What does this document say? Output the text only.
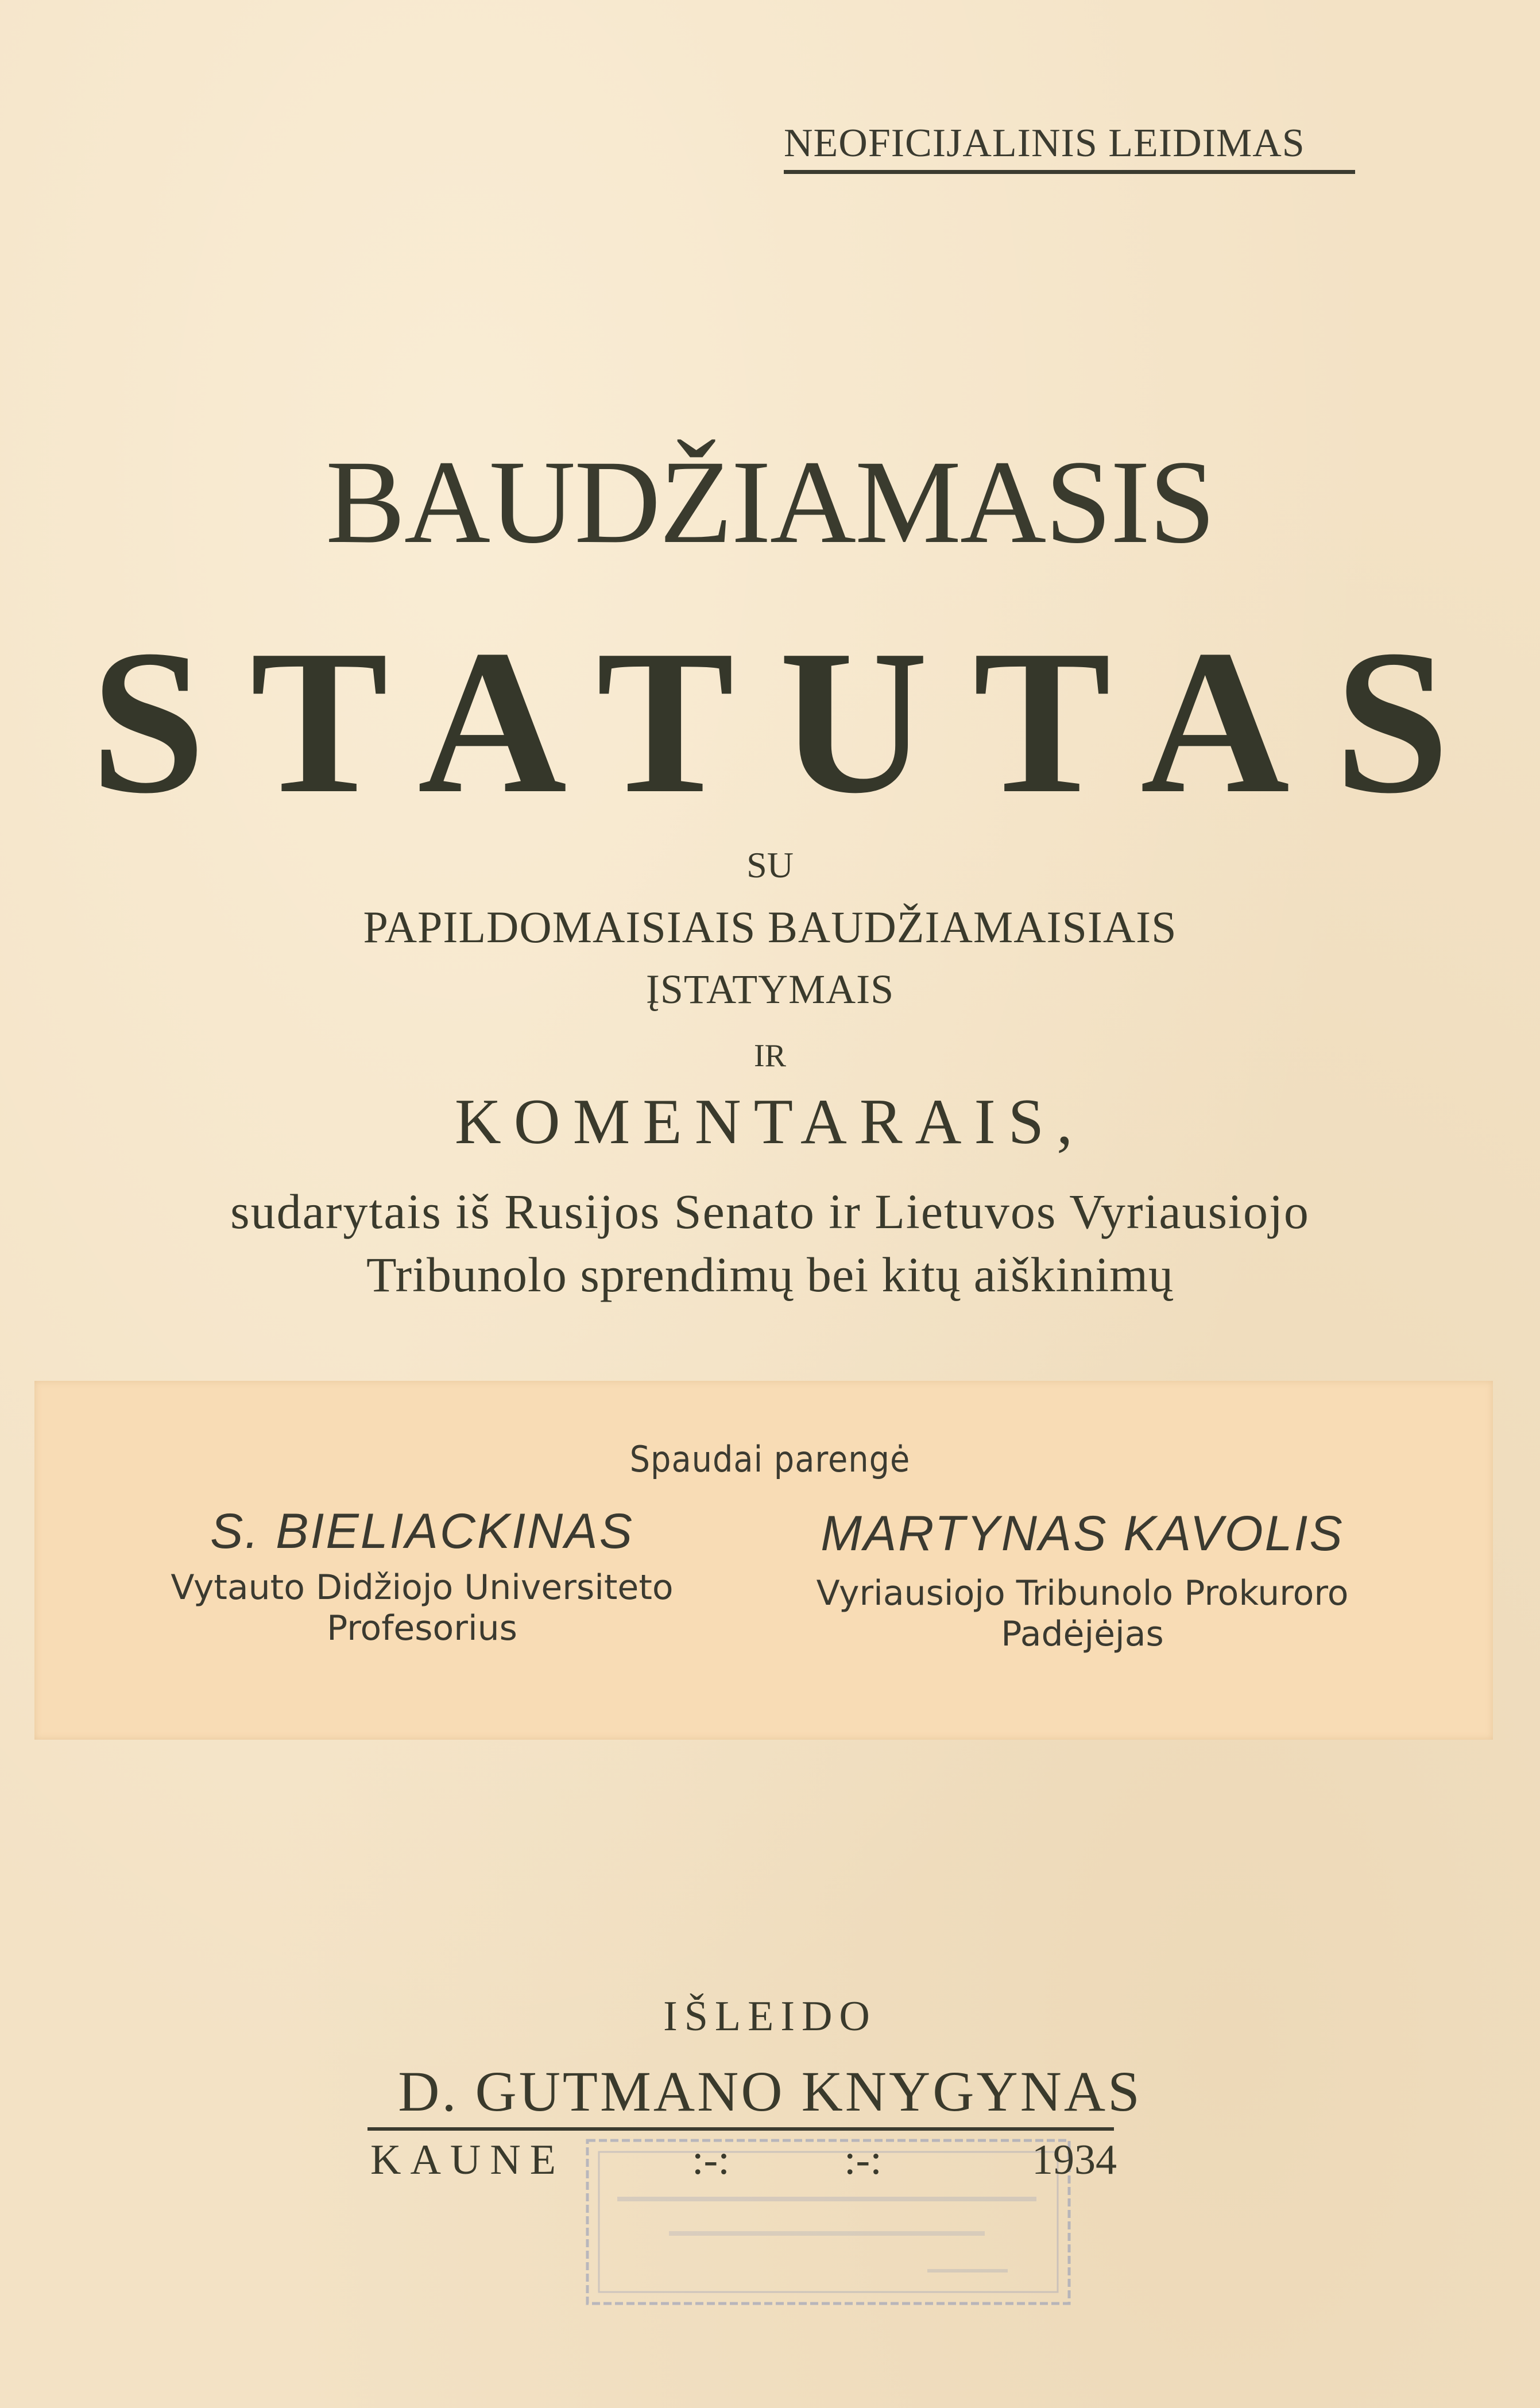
NEOFICIJALINIS LEIDIMAS
BAUDŽIAMASIS
STATUTAS
SU
PAPILDOMAISIAIS BAUDŽIAMAISIAIS
ĮSTATYMAIS
IR
KOMENTARAIS,
sudarytais iš Rusijos Senato ir Lietuvos Vyriausiojo
Tribunolo sprendimų bei kitų aiškinimų
Spaudai parengė
S. BIELIACKINAS
Vytauto Didžiojo Universiteto
Profesorius
MARTYNAS KAVOLIS
Vyriausiojo Tribunolo Prokuroro
Padėjėjas
IŠLEIDO
D. GUTMANO KNYGYNAS
KAUNE	:-:	:-:	1934
